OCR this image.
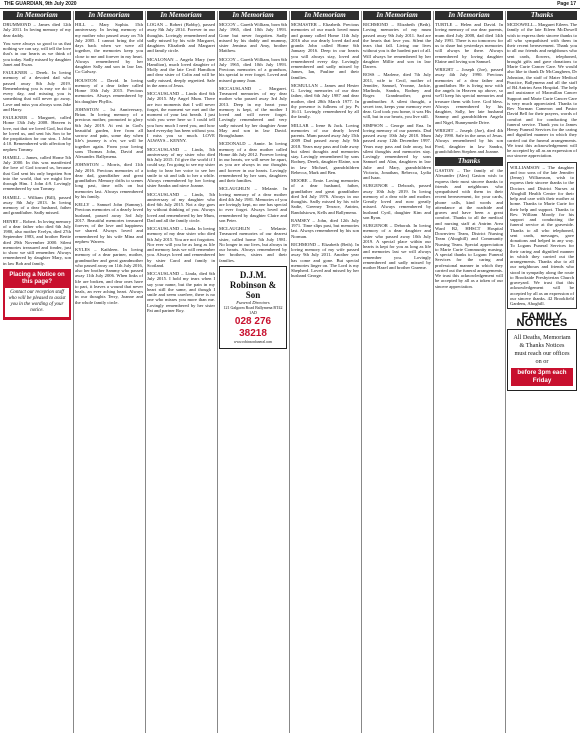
THE GUARDIAN, 9th July 2020	Page 17
In Memoriam
DRUMMOND – James died 12th July 2011. In loving memory of my dear daddy.
You were always so good to us that nothing we can say, will tell the love that's in our hearts as we think of you today. Sadly missed by daughter Janet and Ewan.
FAULKNER – Derek. In loving memory of a devoted dad who passed away 8th July 2019. Remembering you is easy we do it every day, and missing you is something that will never go away. Love and miss you always sons Jake and Harry.
FAULKNER – Margaret, called Home 13th July 2008. Heaven is love, not that we loved God, but that he loved us, and sent his Son to be the propitiation for our sins. 1 John 4:10. Remembered with affection by nephew Tommy.
HAMILL – James, called Home 5th July 2000. In this was manifested the love of God toward us, because that God sent his only begotten Son into the world, that we might live through Him. 1 John 4:9. Lovingly remembered by son Tommy.
HAMILL – William (Bill), passed away 8th July 2013. In loving memory of a dear husband, father and grandfather. Sadly missed.
HENRY – Robert. In loving memory of a dear father who died 6th July 1980, also mother Evelyn, died 27th September 1983, and brother Bertie died 29th November 2000. Silent memories treasured and fonder, just to show we still remember. Always remembered by daughter Mary, son in law Bob and family.
Placing a Notice on this page?
Contact our reception staff who will be pleased to assist you in the wording of your notice.
In Memoriam
HILL – Mary Sophia. 15th anniversary. In loving memory of my mother who passed away on 7th July 2005. I cannot bring the old days back when we were all together, the memories keep you close to me and forever in my heart. Always remembered by her daughter Sally and son in law Ian. Co Galway.
HOUSTON – David. In loving memory of a dear father called Home 10th July 2015. Precious memories. Always remembered by his daughter Phyllis.
JOHNSTON – 1st Anniversary, Brian. In loving memory of a precious mother, promoted to glory 6th July 2019. At rest in God's beautiful garden, free from all sorrow and pain, some day when life's journey is o'er, we will be together again. From your loving sons Thomas John, David and Alexander. Ballymena.
JOHNSTON – Morris, died 11th July 2016. Precious memories of a dear dad, grandfather and great grandfather. Memory drifts to scenes long past, time rolls on but memories last. Always remembered by his family.
KELLY – Samuel John (Sammy). Precious memories of a dearly loved husband, passed away 3rd July 2017. Beautiful memories treasured forever, of the love and happiness we shared. Always loved and remembered by his wife Mina and nephew Warren.
KYLES – Kathleen. In loving memory of a dear partner, mother, grandmother and great grandmother who passed away on 11th July 2016, also her brother Sammy who passed away 11th July 2006. When links of life are broken, and dear ones have to part, it leaves a wound that never heals, an ever aching heart. Always in our thoughts Terry, Joanne and the whole family circle.
In Memoriam
LOGAN – Robert (Bobby), passed away 8th July 2014. Forever in our thoughts. Lovingly remembered and sadly missed by his wife Margaret, daughters Elizabeth and Margaret and family circle.
MCALONAN – Angela Mary (nee Hamilton), much loved daughter of Molly and the late Cecil Hamilton and dear sister of Colin and will be sadly missed, deeply regretted. Safe in the arms of Jesus.
MCCAUSLAND – Linda died 6th July 2015. My Angel Mum. There are two moments that I will never forget, the moment we met and the moment of your last breath. I just wish you were here so I could tell you how much I need you, and how hard everyday has been without you. I miss you so much. LOVE ALWAYS – KENNY.
MCCAUSLAND – Linda, 5th anniversary of my sister who died 6th July 2015. I'd give the world if I could say, I'm going to see my sister today to hear her voice to see her smile to sit and talk to her a while. Always remembered by her loving sister Sandra and niece Joanne.
MCCAUSLAND – Linda, 5th anniversary of my daughter who died 6th July 2015. Not a day goes by without thinking of you. Always loved and remembered by her Mum, Dad and all the family circle.
MCCAUSLAND – Linda. In loving memory of my dear sister who died 6th July 2015. You are not forgotten. Nor ever will you be as long as life and memory lasts we will remember you. Always loved and remembered by sister Carol and family in Scotland.
MCCAUSLAND – Linda, died 6th July 2015. I hold my tears when I say your name, but the pain in my heart still the same, and though I smile and seem carefree, there is no one who misses you more than me. Lovingly remembered by her sister Pat and partner Roy.
In Memoriam
MCCOY – Gareth William, born 6th July 1965, died 10th July 1993. Gone but never forgotten. Sadly missed by his daddy and mummy, sister Jemima and Amy, brother Matthew.
MCCOY – Gareth William, born 6th July 1965, died 10th July 1993. Precious memories of a grandson, his special to ever forget. Loved and missed granny Joan.
MCCAUSLAND – Margaret. Treasured memories of my dear mother who passed away 3rd July 2013. Deep in my heart your memory is kept, of the mother I loved and will never forget. Lovingly remembered and very sadly missed by her daughter Anne May and son in law David. Broughshane.
MCDONALD – Annie. In loving memory of a dear mother called Home 4th July 2012. Forever loving in our hearts, we will never be apart, as you are always in our thoughts and forever in our hearts. Lovingly remembered by her sons, daughters and their families.
MCLAUGHLIN – Melanie. In loving memory of a dear mother died 4th July 1981. Memories of you are lovingly kept, no one has special to ever forget. Always loved and remembered by daughter Claire and son Peter.
MCLAUGHLIN – Melanie. Treasured memories of our dearest sister, called home 5th July 1981. No longer in our lives, but always in our hearts. Always remembered by her brothers, sisters and their families.
D.J.M. Robinson & Son
Funeral Directors
121 Galgorm Road Ballymena BT42 1AD
028 276 38218
www.robinsonfuneral.com
In Memoriam
MCMASTER – Elizabeth. Precious memories of our much loved mum and granny called Home 11th July 2016 also our dearly loved dad and granda John called Home 6th January 2016. Deep in our hearts you will always stay, loved and remembered every day. Lovingly remembered and sadly missed by James, Ian, Pauline and their families.
MCMULLAN – James and Hester G. Loving memories of our dear father, died 6th July 1987 and dear mother, died 28th March 1977. In thy presence is fullness of joy. Ps 16:11. Lovingly remembered by all the family.
MILLAR – Irene & Jack. Loving memories of our dearly loved parents. Mum passed away July 15th 2009 Dad passed away July 9th 2018. Years may pass and fade away but silent thoughts and memories stay. Lovingly remembered by sons Rodney, Derek, daughter Elaine, son in law Michael, grandchildren Rebecca, Mark and Ben.
MOORE – Ernie. Loving memories of a dear husband, father, grandfather and great grandfather died 3rd July 1976. Always in our thoughts. Sadly missed by his wife Sadie, Greeney Terrace, Antrim, Randalstown, Kells and Ballymena.
RAMSEY – John, died 12th July 1971. Time slips past, but memories last. Always remembered by his son Norman.
RICHMOND – Elizabeth (Beth). In loving memory of my wife passed away 9th July 2011. Another year has come and gone. But special memories linger on. The Lord is my Shepherd. Loved and missed by her husband George.
In Memoriam
RICHMOND – Elizabeth (Beth). Loving memories of my mum passed away 9th July 2011. Sad are the hearts that love you. Silent the tears that fall. Living our lives without you is the hardest part of all. Will always be remembered by her daughter Millie and son in law Darren.
ROSS – Marlene, died 7th July 2011, wife to Cecil, mother of Jennifer, Samuel, Yvonne, Jackie, Marlinda, Sandra, Rodney and Roger. Grandmother, great grandmother. A silent thought, a secret tear, keeps your memory ever dear. God took you home, it was His will, but in our hearts, you live still.
SIMPSON – George and Ena. In loving memory of our parents. Dad passed away 10th July 2018. Mum passed away 12th December 1997. Years may pass and fade away, but silent thoughts and memories stay. Lovingly remembered by sons Samuel and Alan, daughters in law Julie and Mary, grandchildren Victoria, Jonathan, Rebecca, Lydia and Isaac.
SURGENOR – Deborah, passed away 10th July 2019. In loving memory of a dear wife and mother. Greatly loved and now greatly missed. Always remembered by husband Cyril, daughter Kim and son Ryan.
SURGENOR – Deborah. In loving memory of a dear daughter and sister who passed away 10th July 2019. A special place within our hearts is kept for you as long as life and memories last we will always remember you. Lovingly remembered and sadly missed by mother Hazel and brother Graeme.
In Memoriam
TURTLE – Helen and David. In loving memory of our dear parents, mum died July 2008, dad died 14th July 1991. There is no tomorrow for us to share but yesterdays memories will always be there. Always remembered by loving daughter Elaine and loving son Samuel.
WRIGHT – Joseph (Joe), passed away 4th July 1990. Precious memories of a dear father and grandfather. He is living now with the angels in Heaven up above, so we'll keep his special memories and treasure them with love. God bless. Always remembered by his daughter, Sally, her late husband Sammy and grandchildren Angela and Nigel, Runnymede Drive.
WRIGHT – Joseph (Joe), died 4th July 1990. Safe in the arms of Jesus. Always remembered by his son Fred, daughter in law Sandra, grandchildren Stephen and Joanne.
Thanks
GASTON – The family of the Alexander (Alex) Gaston wish to express their most sincere thanks to friends and neighbours who sympathised with them in their recent bereavement, for your cards, phone calls, kind words and attendance at the roadside and graves and have been a great comfort. Thanks to all the medical and nursing staff at Antrim Area Ward B2, HHSCT Hospital Downview Team, District Nursing Team (Ahoghill) and Community Nursing Team. Special appreciation to Marie Curie Community nursing. A special thanks to Loganс Funeral Services for the caring and professional manner in which they carried out the funeral arrangements. We trust this acknowledgement will be accepted by all as a token of our sincere appreciation.
Thanks
MCDOWELL – Margaret Eileen. The family of the late Eileen McDowell wish to express their sincere thanks to all who sympathised with them in their recent bereavement. Thank you to all our friends and neighbours who sent cards, flowers, telephoned, brought gifts and gave donations to Marie Curie Cancer Care. We would also like to thank Dr McCaughern, Dr Johnston, the staff of Mater Medical Practice, Ballymena and all the staff of B4 Antrim Area Hospital. The help and assistance of Macmillan Cancer Support and Marie Curie Cancer Care is very much appreciated. Thanks to Rev Norman Cameron and Pastor David Bell for their prayers, words of comfort and for conducting the funeral service. Thank you to James Henry Funeral Services for the caring and dignified manner in which they carried out the funeral arrangements. We trust this acknowledgement will be accepted by all as an expression of our sincere appreciation.
WILLIAMSON – The daughter and two sons of the late Jennifer (Jenny) Williamson, wish to express their sincere thanks to the Doctors and District Nurses at Ahoghill Health Centre for their help and care with their mother at home. Thanks to Marie Curie for their help and support. Thanks to Rev. William Moody for his support and conducting the funeral service at the graveside. Thanks to all who telephoned, sent cards, messages, gave donations and helped in any way. To Logans Funeral Services for their caring and dignified manner in which they carried out the arrangements. Thanks also to all our neighbours and friends who stood in sympathy along the route to Brookside Presbyterian Church graveyard. We trust that this acknowledgement will be accepted by all as an expression of our sincere thanks. 42 Brookfield Gardens, Ahoghill.
FAMILY NOTICES
All Deaths, Memoriam
& Thanks Notices
must reach our offices on or
before 3pm each Friday
